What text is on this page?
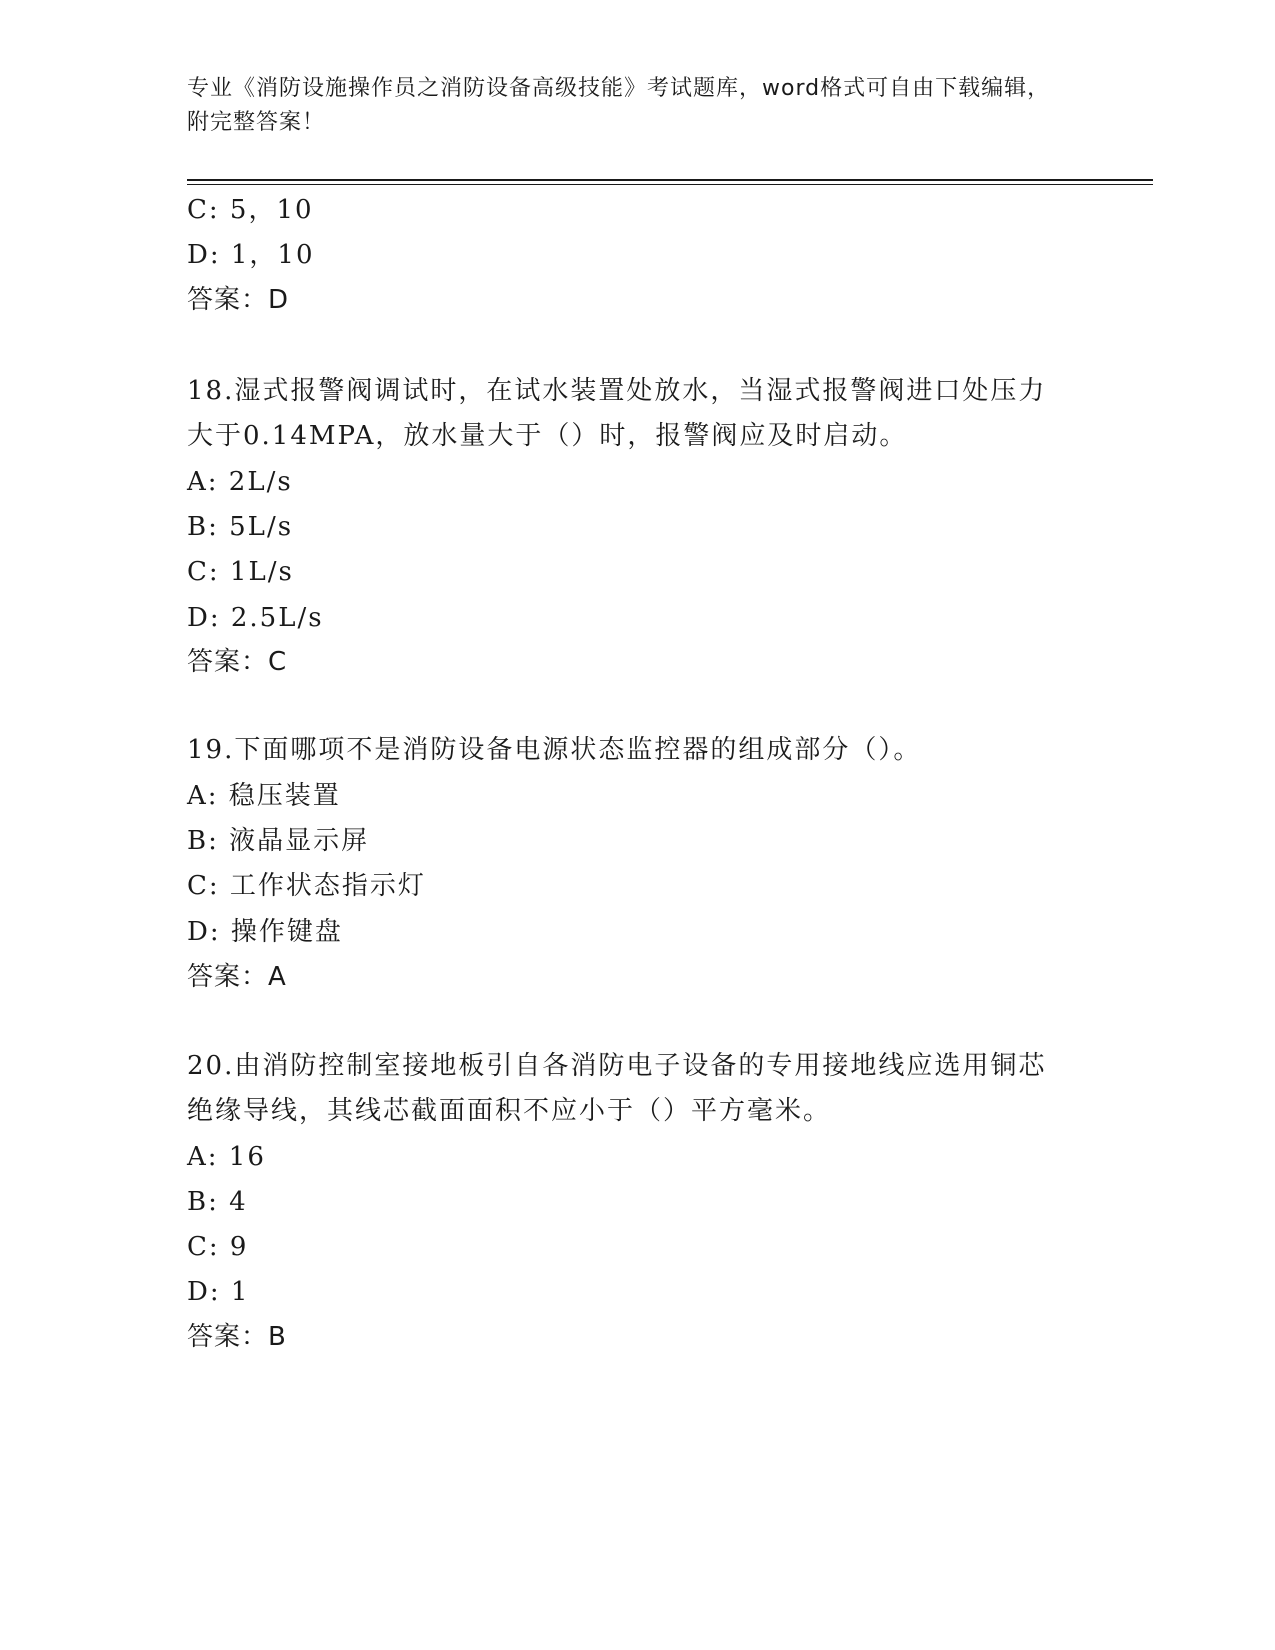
专业《消防设施操作员之消防设备高级技能》考试题库，word格式可自由下载编辑，附完整答案！
C: 5，10
D: 1，10
答案：D
18.湿式报警阀调试时，在试水装置处放水，当湿式报警阀进口处压力
大于0.14MPA，放水量大于（）时，报警阀应及时启动。
A: 2L/s
B: 5L/s
C: 1L/s
D: 2.5L/s
答案：C
19.下面哪项不是消防设备电源状态监控器的组成部分（）。
A: 稳压装置
B: 液晶显示屏
C: 工作状态指示灯
D: 操作键盘
答案：A
20.由消防控制室接地板引自各消防电子设备的专用接地线应选用铜芯
绝缘导线，其线芯截面面积不应小于（）平方毫米。
A: 16
B: 4
C: 9
D: 1
答案：B
